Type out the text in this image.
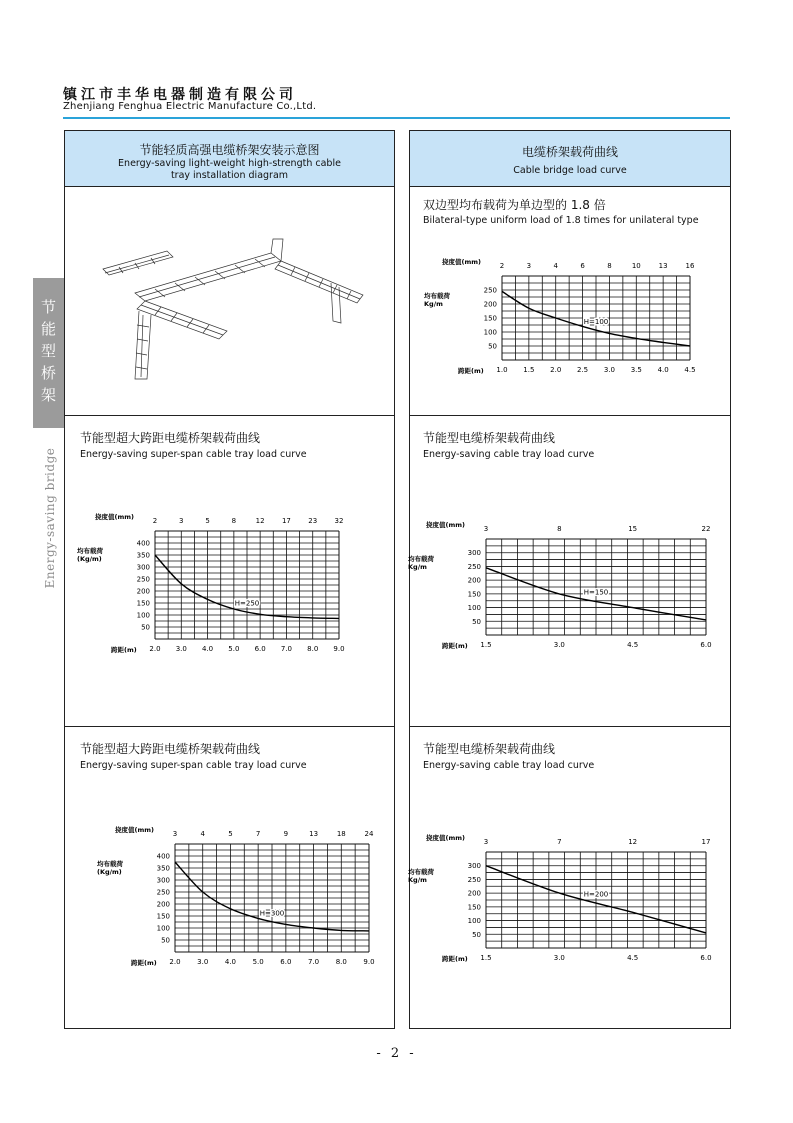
镇江市丰华电器制造有限公司
Zhenjiang Fenghua Electric Manufacture Co.,Ltd.
节
能
型
桥
架
Energy-saving bridge
节能轻质高强电缆桥架安装示意图
Energy-saving light-weight high-strength cable
tray installation diagram
节能型超大跨距电缆桥架载荷曲线
Energy-saving super-span cable tray load curve
2	3	5	8	12 17 23 32
挠度值(mm)
均布载荷
(Kg/m)
400
350
300
250
200
150
100
50
2.0 3.0 4.0 5.0 6.0 7.0 8.0 9.0
跨距(m)
H=250
节能型超大跨距电缆桥架载荷曲线
Energy-saving super-span cable tray load curve
3	4	5	7	9	13	18	24
挠度值(mm)
均布载荷
(Kg/m)
400
350
300
250
200
150
100
50
2.0 3.0 4.0 5.0 6.0 7.0 8.0 9.0
跨距(m)
H=300
电缆桥架载荷曲线
Cable bridge load curve
双边型均布载荷为单边型的 1.8 倍
Bilateral-type uniform load of 1.8 times for unilateral type
2	3	4	6	8	10	13	16
挠度值(mm)
均布载荷
Kg/m
250
200
150
100
50
1.0 1.5 2.0 2.5 3.0 3.5 4.0 4.5
跨距(m)
H=100
节能型电缆桥架载荷曲线
Energy-saving cable tray load curve
3	8	15	22
挠度值(mm)
均布载荷
Kg/m
300
250
200
150
100
50
1.5	3.0	4.5	6.0
跨距(m)
H=150
节能型电缆桥架载荷曲线
Energy-saving cable tray load curve
3	7	12	17
挠度值(mm)
均布载荷
Kg/m
300
250
200
150
100
50
1.5	3.0	4.5	6.0
跨距(m)
H=200
- 2 -
